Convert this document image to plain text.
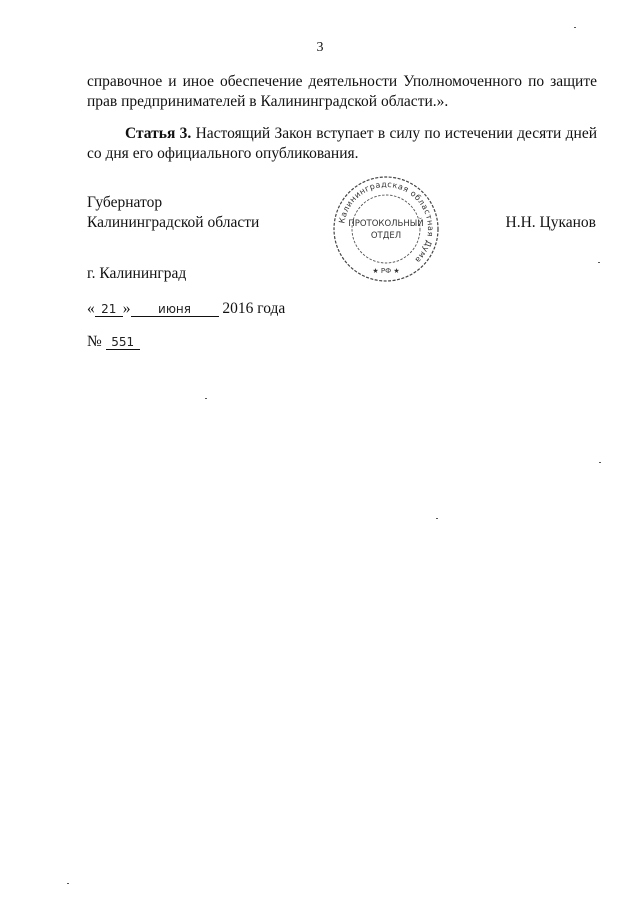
3
справочное и иное обеспечение деятельности Уполномоченного по защите
прав предпринимателей в Калининградской области.».
Статья 3. Настоящий Закон вступает в силу по истечении десяти дней
со дня его официального опубликования.
Губернатор
Калининградской области	Калининградская областная Дума
ПРОТОКОЛЬНЫЙ
ОТДЕЛ
★ РФ ★
Н.Н. Цуканов
г. Калининград
« 21 » июня 2016 года
№ 551
